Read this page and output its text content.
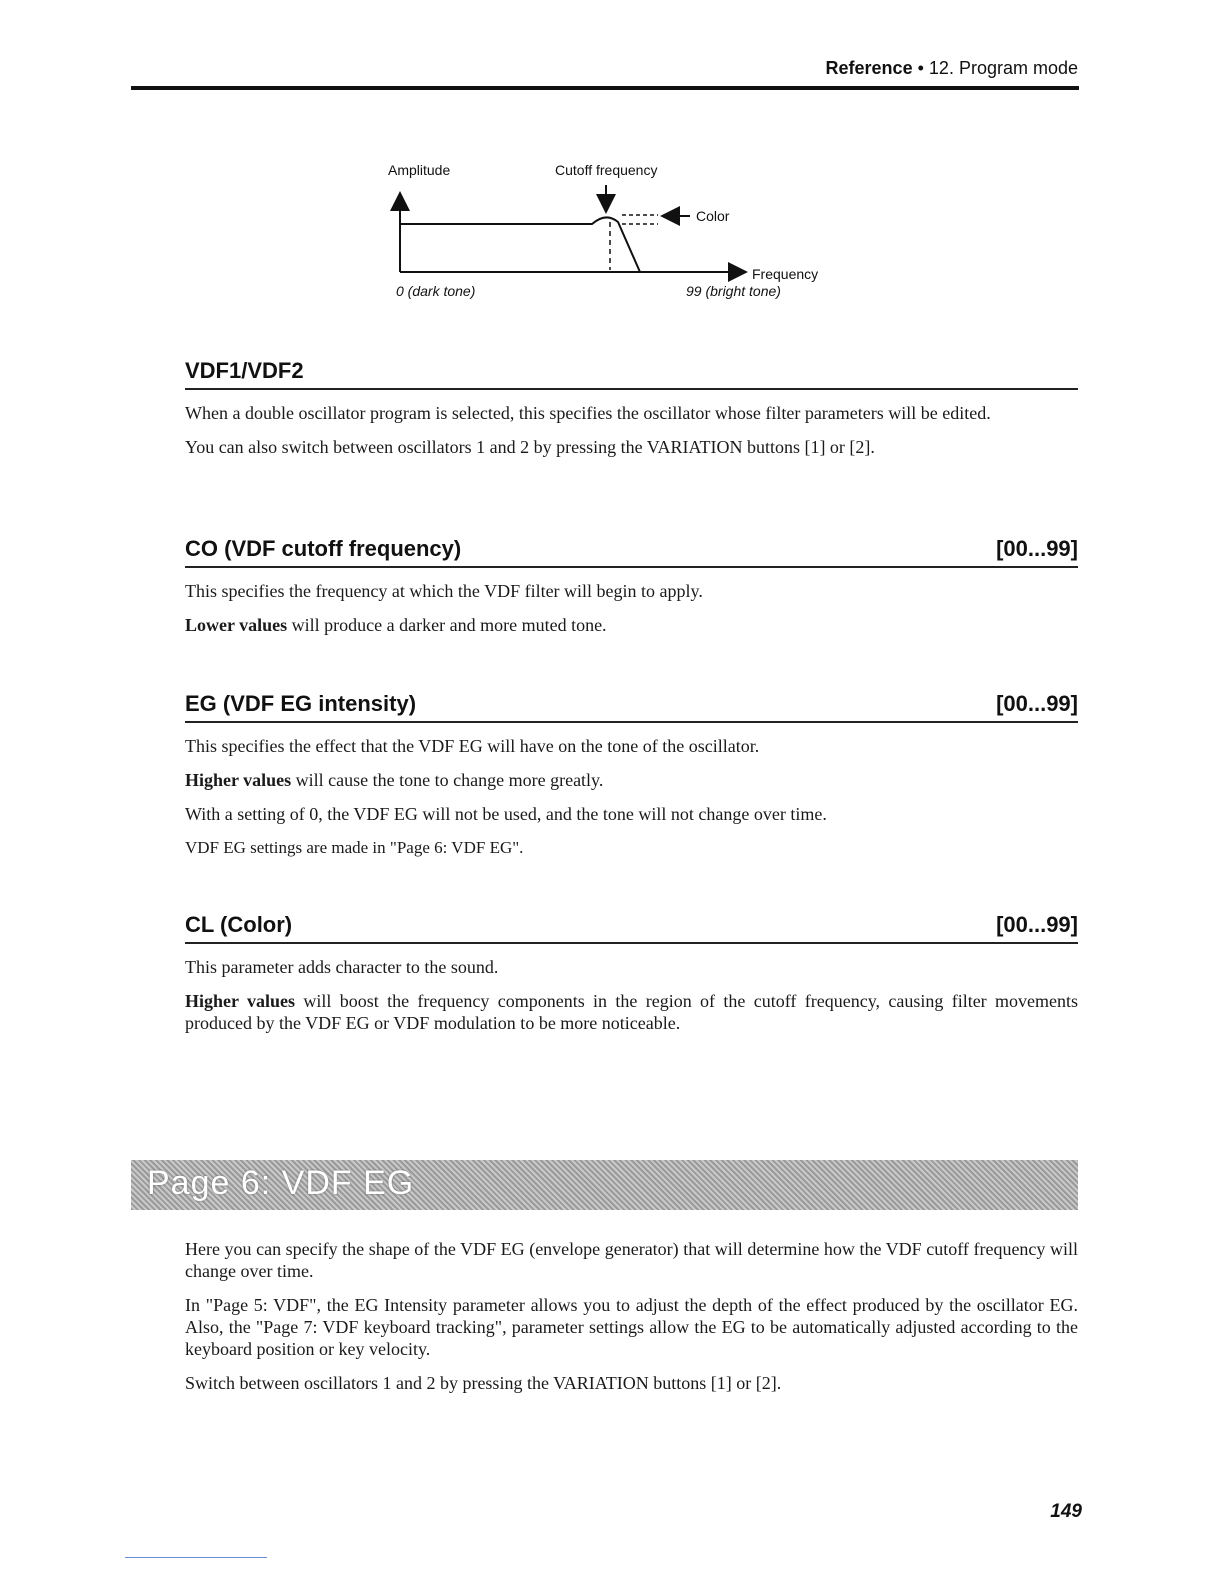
Reference • 12. Program mode
Amplitude	Cutoff frequency
Color
Frequency
0 (dark tone)	99 (bright tone)
VDF1/VDF2

When a double oscillator program is selected, this specifies the oscillator whose filter parameters will be edited.

You can also switch between oscillators 1 and 2 by pressing the VARIATION buttons [1] or [2].

CO (VDF cutoff frequency)	[00...99]

This specifies the frequency at which the VDF filter will begin to apply.

Lower values will produce a darker and more muted tone.

EG (VDF EG intensity)	[00...99]

This specifies the effect that the VDF EG will have on the tone of the oscillator.

Higher values will cause the tone to change more greatly.

With a setting of 0, the VDF EG will not be used, and the tone will not change over time.

VDF EG settings are made in "Page 6: VDF EG".

CL (Color)	[00...99]

This parameter adds character to the sound.

Higher values will boost the frequency components in the region of the cutoff frequency, causing filter movements produced by the VDF EG or VDF modulation to be more noticeable.

Page 6: VDF EG

Here you can specify the shape of the VDF EG (envelope generator) that will determine how the VDF cutoff frequency will change over time.

In "Page 5: VDF", the EG Intensity parameter allows you to adjust the depth of the effect produced by the oscillator EG. Also, the "Page 7: VDF keyboard tracking", parameter settings allow the EG to be automatically adjusted according to the keyboard position or key velocity.

Switch between oscillators 1 and 2 by pressing the VARIATION buttons [1] or [2].

149
